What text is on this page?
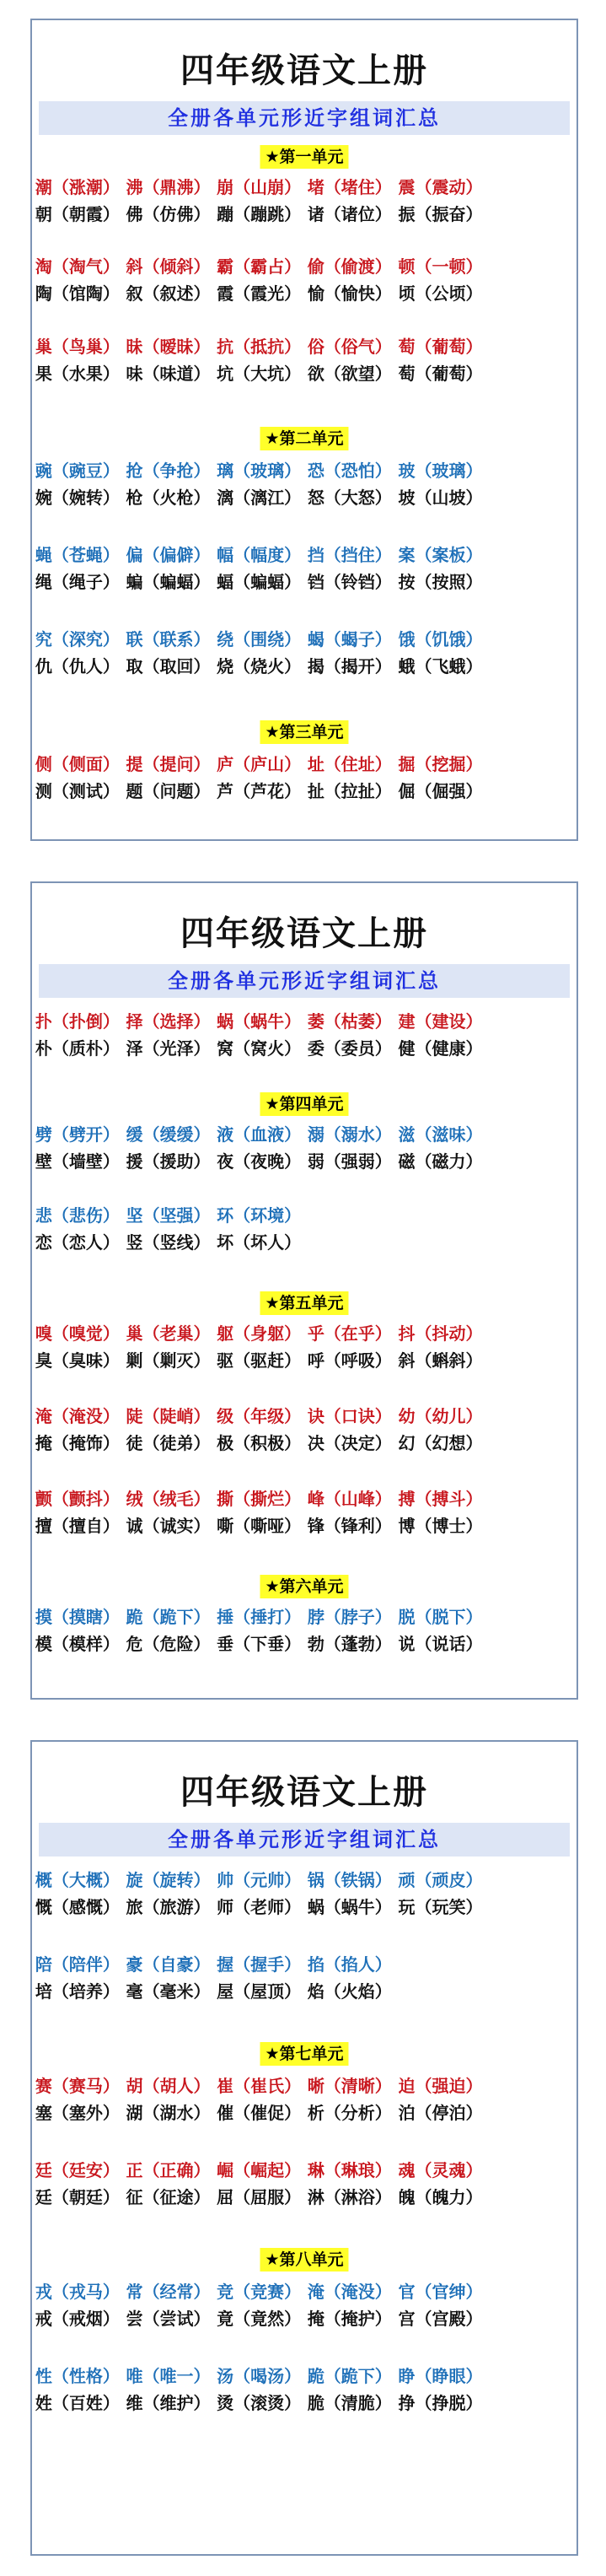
四年级语文上册
全册各单元形近字组词汇总
★第一单元
潮（涨潮） 沸（鼎沸） 崩（山崩） 堵（堵住） 震（震动）
朝（朝霞） 佛（仿佛） 蹦（蹦跳） 诸（诸位） 振（振奋）
淘（淘气） 斜（倾斜） 霸（霸占） 偷（偷渡） 顿（一顿）
陶（馆陶） 叙（叙述） 霞（霞光） 愉（愉快） 顷（公顷）
巢（鸟巢） 昧（暧昧） 抗（抵抗） 俗（俗气） 萄（葡萄）
果（水果） 味（味道） 坑（大坑） 欲（欲望） 萄（葡萄）
★第二单元
豌（豌豆） 抢（争抢） 璃（玻璃） 恐（恐怕） 玻（玻璃）
婉（婉转） 枪（火枪） 漓（漓江） 怒（大怒） 坡（山坡）
蝇（苍蝇） 偏（偏僻） 幅（幅度） 挡（挡住） 案（案板）
绳（绳子） 蝙（蝙蝠） 蝠（蝙蝠） 铛（铃铛） 按（按照）
究（深究） 联（联系） 绕（围绕） 蝎（蝎子） 饿（饥饿）
仇（仇人） 取（取回） 烧（烧火） 揭（揭开） 蛾（飞蛾）
★第三单元
侧（侧面） 提（提问） 庐（庐山） 址（住址） 掘（挖掘）
测（测试） 题（问题） 芦（芦花） 扯（拉扯） 倔（倔强）
四年级语文上册
全册各单元形近字组词汇总
扑（扑倒） 择（选择） 蜗（蜗牛） 萎（枯萎） 建（建设）
朴（质朴） 泽（光泽） 窝（窝火） 委（委员） 健（健康）
★第四单元
劈（劈开） 缓（缓缓） 液（血液） 溺（溺水） 滋（滋味）
壁（墙壁） 援（援助） 夜（夜晚） 弱（强弱） 磁（磁力）
悲（悲伤） 坚（坚强） 环（环境）
恋（恋人） 竖（竖线） 坏（坏人）
★第五单元
嗅（嗅觉） 巢（老巢） 躯（身躯） 乎（在乎） 抖（抖动）
臭（臭味） 剿（剿灭） 驱（驱赶） 呼（呼吸） 斜（蝌斜）
淹（淹没） 陡（陡峭） 级（年级） 诀（口诀） 幼（幼儿）
掩（掩饰） 徒（徒弟） 极（积极） 决（决定） 幻（幻想）
颤（颤抖） 绒（绒毛） 撕（撕烂） 峰（山峰） 搏（搏斗）
擅（擅自） 诚（诚实） 嘶（嘶哑） 锋（锋利） 博（博士）
★第六单元
摸（摸瞎） 跪（跪下） 捶（捶打） 脖（脖子） 脱（脱下）
模（模样） 危（危险） 垂（下垂） 勃（蓬勃） 说（说话）
四年级语文上册
全册各单元形近字组词汇总
概（大概） 旋（旋转） 帅（元帅） 锅（铁锅） 顽（顽皮）
慨（感慨） 旅（旅游） 师（老师） 蜗（蜗牛） 玩（玩笑）
陪（陪伴） 豪（自豪） 握（握手） 掐（掐人）
培（培养） 毫（毫米） 屋（屋顶） 焰（火焰）
★第七单元
赛（赛马） 胡（胡人） 崔（崔氏） 晰（清晰） 迫（强迫）
塞（塞外） 湖（湖水） 催（催促） 析（分析） 泊（停泊）
廷（廷安） 正（正确） 崛（崛起） 琳（琳琅） 魂（灵魂）
廷（朝廷） 征（征途） 屈（屈服） 淋（淋浴） 魄（魄力）
★第八单元
戎（戎马） 常（经常） 竞（竞赛） 淹（淹没） 官（官绅）
戒（戒烟） 尝（尝试） 竟（竟然） 掩（掩护） 宫（宫殿）
性（性格） 唯（唯一） 汤（喝汤） 跪（跪下） 睁（睁眼）
姓（百姓） 维（维护） 烫（滚烫） 脆（清脆） 挣（挣脱）
